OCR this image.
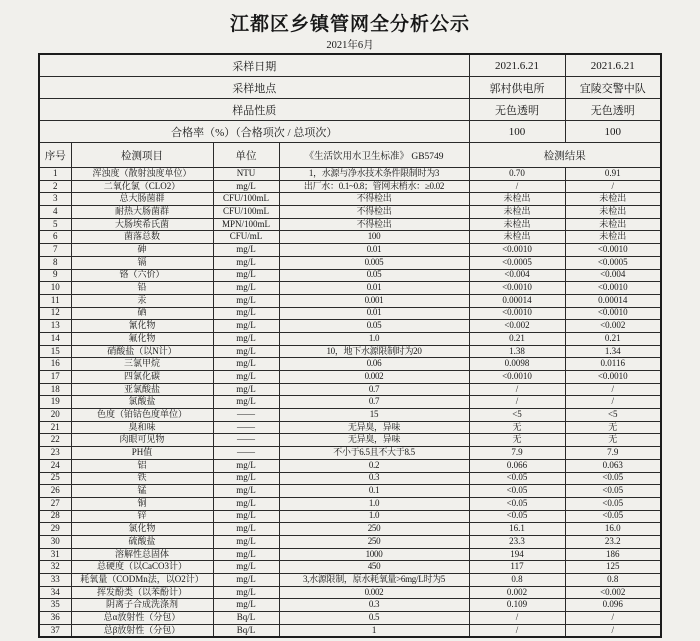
江都区乡镇管网全分析公示
2021年6月
采样日期				2021.6.21	2021.6.21
采样地点				郭村供电所	宜陵交警中队
样品性质				无色透明	无色透明
合格率（%）（合格项次 / 总项次）				100	100
序号	检测项目	单位	《生活饮用水卫生标准》 GB5749	检测结果	
1	浑浊度（散射浊度单位）	NTU	1，水源与净水技术条件限制时为3	0.70	0.91
2	二氧化氯（CLO2）	mg/L	出厂水：0.1~0.8；管网末梢水：≥0.02	/	/
3	总大肠菌群	CFU/100mL	不得检出	未检出	未检出
4	耐热大肠菌群	CFU/100mL	不得检出	未检出	未检出
5	大肠埃希氏菌	MPN/100mL	不得检出	未检出	未检出
6	菌落总数	CFU/mL	100	未检出	未检出
7	砷	mg/L	0.01	<0.0010	<0.0010
8	镉	mg/L	0.005	<0.0005	<0.0005
9	铬（六价）	mg/L	0.05	<0.004	<0.004
10	铅	mg/L	0.01	<0.0010	<0.0010
11	汞	mg/L	0.001	0.00014	0.00014
12	硒	mg/L	0.01	<0.0010	<0.0010
13	氰化物	mg/L	0.05	<0.002	<0.002
14	氟化物	mg/L	1.0	0.21	0.21
15	硝酸盐（以N计）	mg/L	10，地下水源限制时为20	1.38	1.34
16	三氯甲烷	mg/L	0.06	0.0098	0.0116
17	四氯化碳	mg/L	0.002	<0.0010	<0.0010
18	亚氯酸盐	mg/L	0.7	/	/
19	氯酸盐	mg/L	0.7	/	/
20	色度（铂钴色度单位）	——	15	<5	<5
21	臭和味	——	无异臭，异味	无	无
22	肉眼可见物	——	无异臭，异味	无	无
23	PH值	——	不小于6.5且不大于8.5	7.9	7.9
24	铝	mg/L	0.2	0.066	0.063
25	铁	mg/L	0.3	<0.05	<0.05
26	锰	mg/L	0.1	<0.05	<0.05
27	铜	mg/L	1.0	<0.05	<0.05
28	锌	mg/L	1.0	<0.05	<0.05
29	氯化物	mg/L	250	16.1	16.0
30	硫酸盐	mg/L	250	23.3	23.2
31	溶解性总固体	mg/L	1000	194	186
32	总硬度（以CaCO3计）	mg/L	450	117	125
33	耗氧量（CODMn法，以O2计）	mg/L	3,水源限制，原水耗氧量>6mg/L时为5	0.8	0.8
34	挥发酚类（以苯酚计）	mg/L	0.002	0.002	<0.002
35	阴离子合成洗涤剂	mg/L	0.3	0.109	0.096
36	总α放射性（分包）	Bq/L	0.5	/	/
37	总β放射性（分包）	Bq/L	1	/	/
